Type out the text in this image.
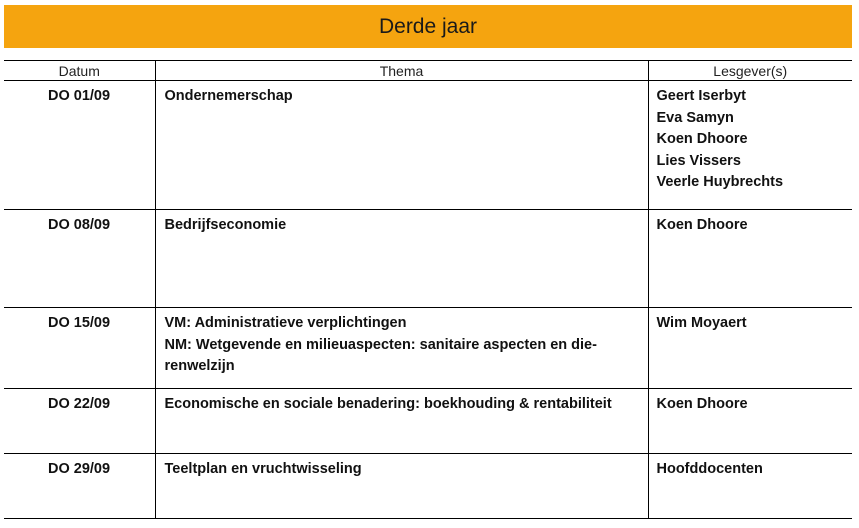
Derde jaar
Datum	Thema	Lesgever(s)
DO 01/09	Ondernemerschap	Geert Iserbyt
Eva Samyn
Koen Dhoore
Lies Vissers
Veerle Huybrechts

DO 08/09	Bedrijfseconomie	Koen Dhoore

DO 15/09	VM: Administratieve verplichtingen
NM: Wetgevende en milieuaspecten: sanitaire aspecten en die-
renwelzijn	Wim Moyaert

DO 22/09	Economische en sociale benadering: boekhouding & rentabiliteit	Koen Dhoore

DO 29/09	Teeltplan en vruchtwisseling	Hoofddocenten
